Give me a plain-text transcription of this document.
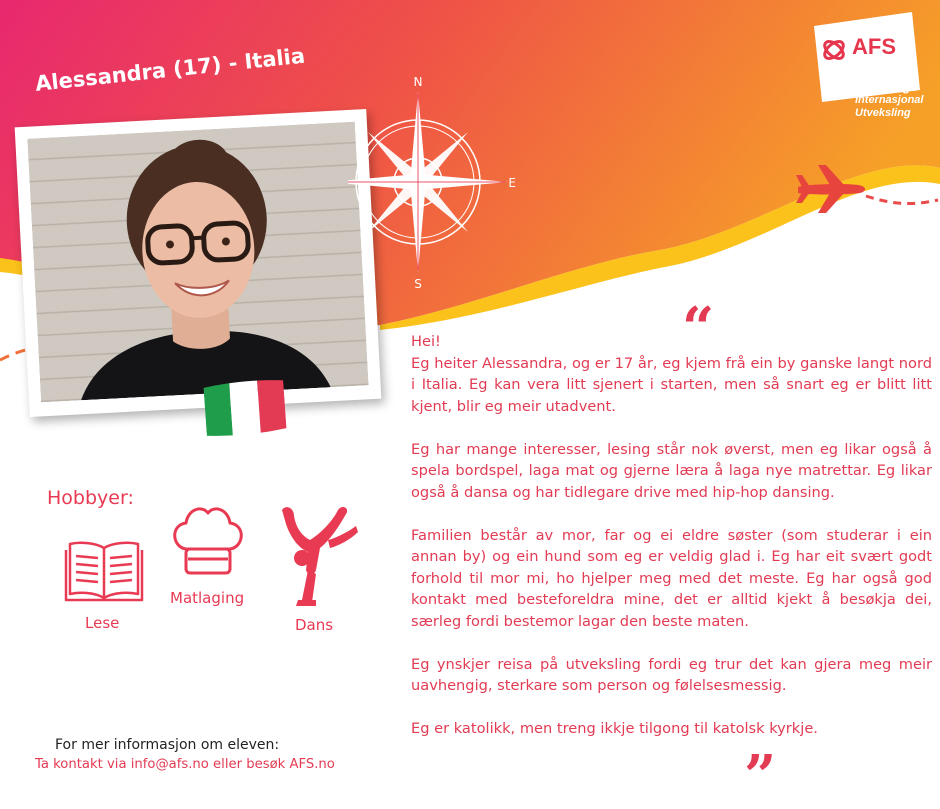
Alessandra (17) - Italia	N
E
S
AFS
AFS Norge
Internasjonal
Utveksling
Hobbyer:
Lese
Matlaging
Dans
“

Hei!

Eg heiter Alessandra, og er 17 år, eg kjem frå ein by ganske langt nord i Italia. Eg kan vera litt sjenert i starten, men så snart eg er blitt litt kjent, blir eg meir utadvent.

Eg har mange interesser, lesing står nok øverst, men eg likar også å spela bordspel, laga mat og gjerne læra å laga nye matrettar. Eg likar også å dansa og har tidlegare drive med hip-hop dansing.

Familien består av mor, far og ei eldre søster (som studerar i ein annan by) og ein hund som eg er veldig glad i. Eg har eit svært godt forhold til mor mi, ho hjelper meg med det meste. Eg har også god kontakt med besteforeldra mine, det er alltid kjekt å besøkja dei, særleg fordi bestemor lagar den beste maten.

Eg ynskjer reisa på utveksling fordi eg trur det kan gjera meg meir uavhengig, sterkare som person og følelsesmessig.

Eg er katolikk, men treng ikkje tilgong til katolsk kyrkje.

”
For mer informasjon om eleven:
Ta kontakt via info@afs.no eller besøk AFS.no
